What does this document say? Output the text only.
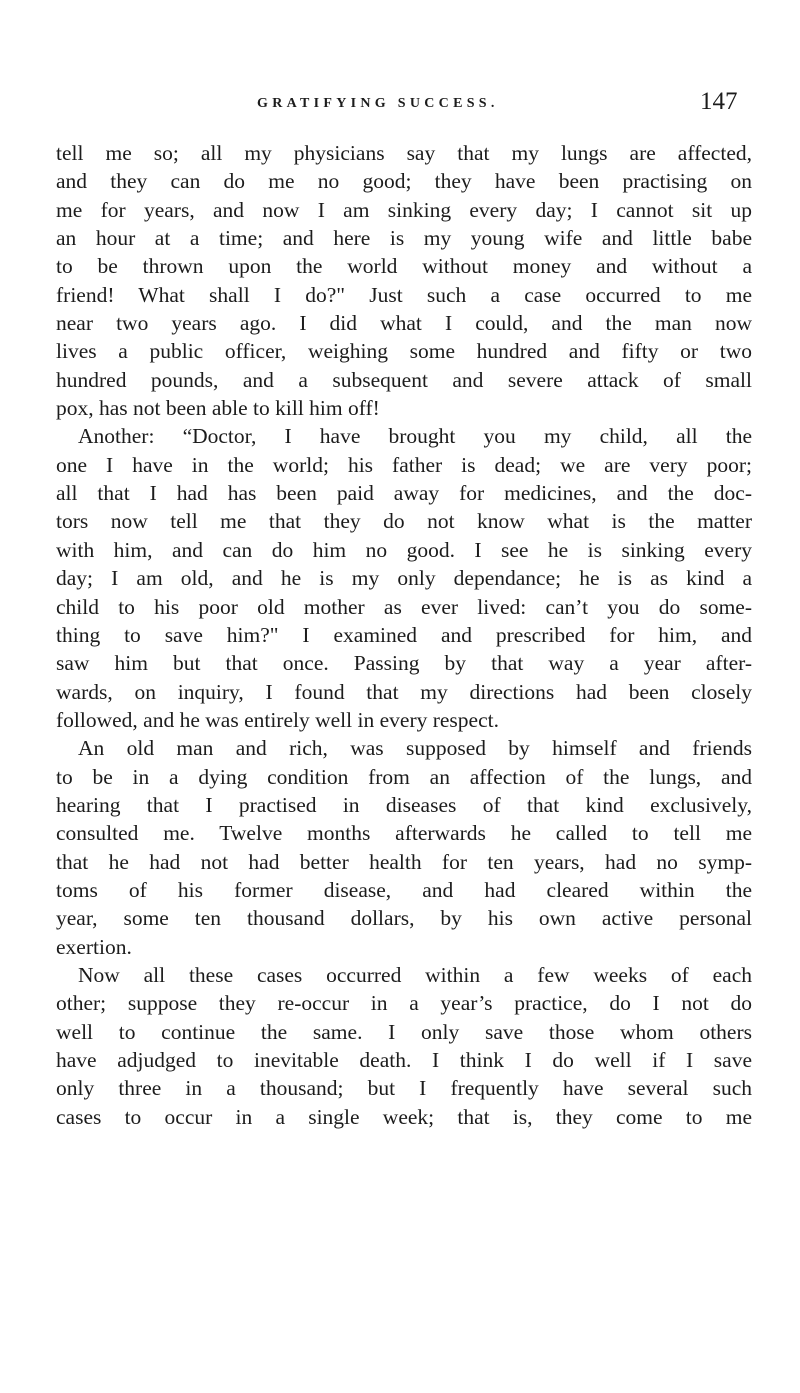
GRATIFYING SUCCESS.	147

tell me so; all my physicians say that my lungs are affected,

and they can do me no good; they have been practising on

me for years, and now I am sinking every day; I cannot sit up

an hour at a time; and here is my young wife and little babe

to be thrown upon the world without money and without a

friend! What shall I do?" Just such a case occurred to me

near two years ago. I did what I could, and the man now

lives a public officer, weighing some hundred and fifty or two

hundred pounds, and a subsequent and severe attack of small

pox, has not been able to kill him off!

Another: “Doctor, I have brought you my child, all the

one I have in the world; his father is dead; we are very poor;

all that I had has been paid away for medicines, and the doc-

tors now tell me that they do not know what is the matter

with him, and can do him no good. I see he is sinking every

day; I am old, and he is my only dependance; he is as kind a

child to his poor old mother as ever lived: can’t you do some-

thing to save him?" I examined and prescribed for him, and

saw him but that once. Passing by that way a year after-

wards, on inquiry, I found that my directions had been closely

followed, and he was entirely well in every respect.

An old man and rich, was supposed by himself and friends

to be in a dying condition from an affection of the lungs, and

hearing that I practised in diseases of that kind exclusively,

consulted me. Twelve months afterwards he called to tell me

that he had not had better health for ten years, had no symp-

toms of his former disease, and had cleared within the

year, some ten thousand dollars, by his own active personal

exertion.

Now all these cases occurred within a few weeks of each

other; suppose they re-occur in a year’s practice, do I not do

well to continue the same. I only save those whom others

have adjudged to inevitable death. I think I do well if I save

only three in a thousand; but I frequently have several such

cases to occur in a single week; that is, they come to me
